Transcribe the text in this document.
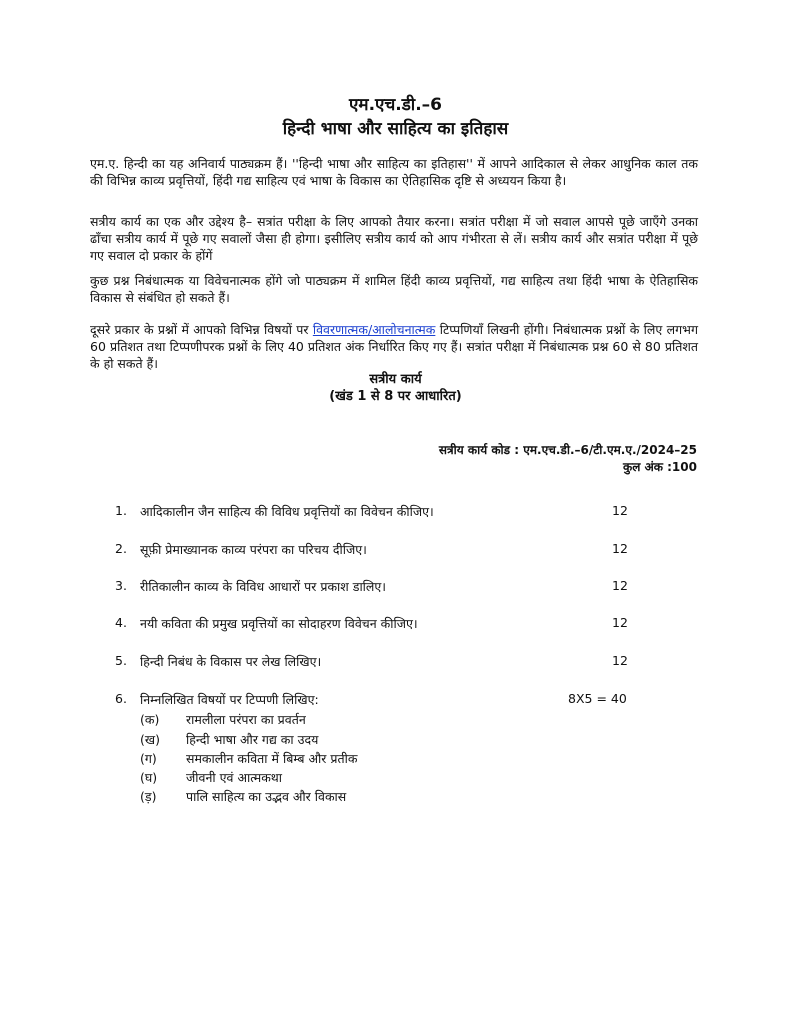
एम.एच.डी.–6
हिन्दी भाषा और साहित्य का इतिहास
एम.ए. हिन्दी का यह अनिवार्य पाठ्यक्रम हैं। ''हिन्दी भाषा और साहित्य का इतिहास'' में आपने आदिकाल से लेकर आधुनिक काल तक की विभिन्न काव्य प्रवृत्तियों, हिंदी गद्य साहित्य एवं भाषा के विकास का ऐतिहासिक दृष्टि से अध्ययन किया है।
सत्रीय कार्य का एक और उद्देश्य है– सत्रांत परीक्षा के लिए आपको तैयार करना। सत्रांत परीक्षा में जो सवाल आपसे पूछे जाएँगे उनका ढाँचा सत्रीय कार्य में पूछे गए सवालों जैसा ही होगा। इसीलिए सत्रीय कार्य को आप गंभीरता से लें। सत्रीय कार्य और सत्रांत परीक्षा में पूछे गए सवाल दो प्रकार के होंगें
कुछ प्रश्न निबंधात्मक या विवेचनात्मक होंगे जो पाठ्यक्रम में शामिल हिंदी काव्य प्रवृत्तियों, गद्य साहित्य तथा हिंदी भाषा के ऐतिहासिक विकास से संबंधित हो सकते हैं।
दूसरे प्रकार के प्रश्नों में आपको विभिन्न विषयों पर विवरणात्मक/आलोचनात्मक टिप्पणियाँ लिखनी होंगी। निबंधात्मक प्रश्नों के लिए लगभग 60 प्रतिशत तथा टिप्पणीपरक प्रश्नों के लिए 40 प्रतिशत अंक निर्धारित किए गए हैं। सत्रांत परीक्षा में निबंधात्मक प्रश्न 60 से 80 प्रतिशत के हो सकते हैं।
सत्रीय कार्य
(खंड 1 से 8 पर आधारित)
सत्रीय कार्य कोड : एम.एच.डी.–6/टी.एम.ए./2024–25
कुल अंक :100
1. आदिकालीन जैन साहित्य की विविध प्रवृत्तियों का विवेचन कीजिए।	12
2. सूफ़ी प्रेमाख्यानक काव्य परंपरा का परिचय दीजिए।	12
3. रीतिकालीन काव्य के विविध आधारों पर प्रकाश डालिए।	12
4. नयी कविता की प्रमुख प्रवृत्तियों का सोदाहरण विवेचन कीजिए।	12
5. हिन्दी निबंध के विकास पर लेख लिखिए।	12
6. निम्नलिखित विषयों पर टिप्पणी लिखिए:	8X5 = 40
(क) रामलीला परंपरा का प्रवर्तन
(ख) हिन्दी भाषा और गद्य का उदय
(ग) समकालीन कविता में बिम्ब और प्रतीक
(घ) जीवनी एवं आत्मकथा
(ड़) पालि साहित्य का उद्भव और विकास
